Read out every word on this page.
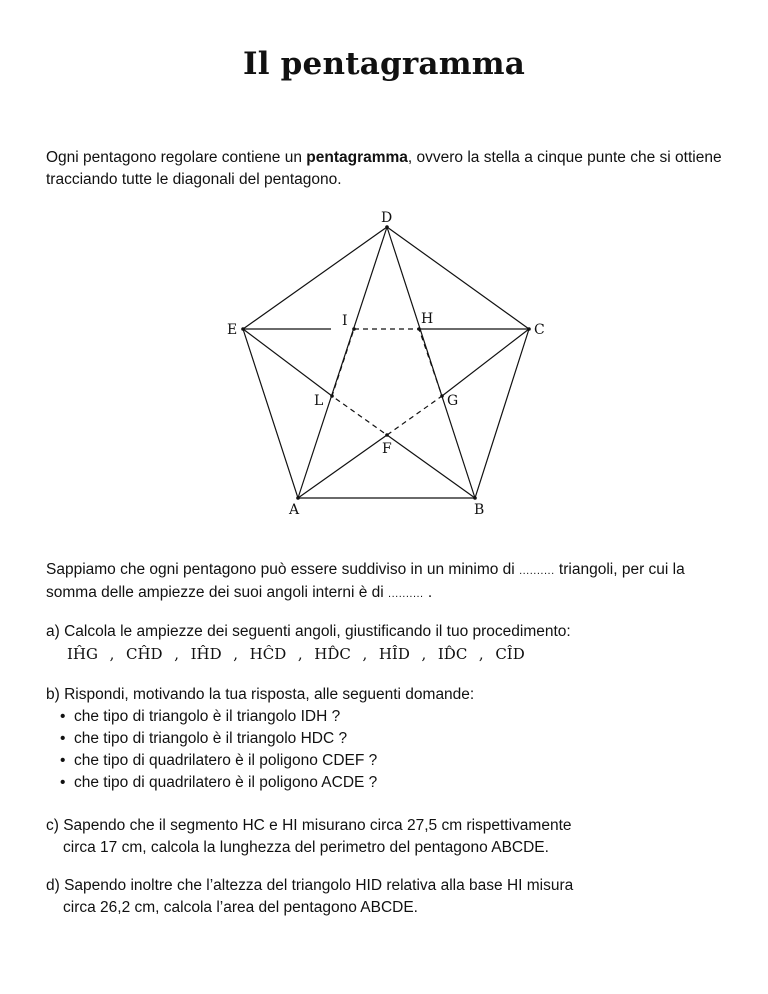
Il pentagramma
Ogni pentagono regolare contiene un pentagramma, ovvero la stella a cinque punte che si ottiene tracciando tutte le diagonali del pentagono.
D
C
E
I	H
L	G
F
A	B
Sappiamo che ogni pentagono può essere suddiviso in un minimo di .......... triangoli, per cui la somma delle ampiezze dei suoi angoli interni è di .......... .
a) Calcola le ampiezze dei seguenti angoli, giustificando il tuo procedimento:
IĤG , CĤD , IĤD , HĈD , HD̂C , HÎD , ID̂C , CÎD
b) Rispondi, motivando la tua risposta, alle seguenti domande:
• che tipo di triangolo è il triangolo IDH ?
• che tipo di triangolo è il triangolo HDC ?
• che tipo di quadrilatero è il poligono CDEF ?
• che tipo di quadrilatero è il poligono ACDE ?
c) Sapendo che il segmento HC e HI misurano circa 27,5 cm rispettivamente
circa 17 cm, calcola la lunghezza del perimetro del pentagono ABCDE.
d) Sapendo inoltre che l’altezza del triangolo HID relativa alla base HI misura
circa 26,2 cm, calcola l’area del pentagono ABCDE.
